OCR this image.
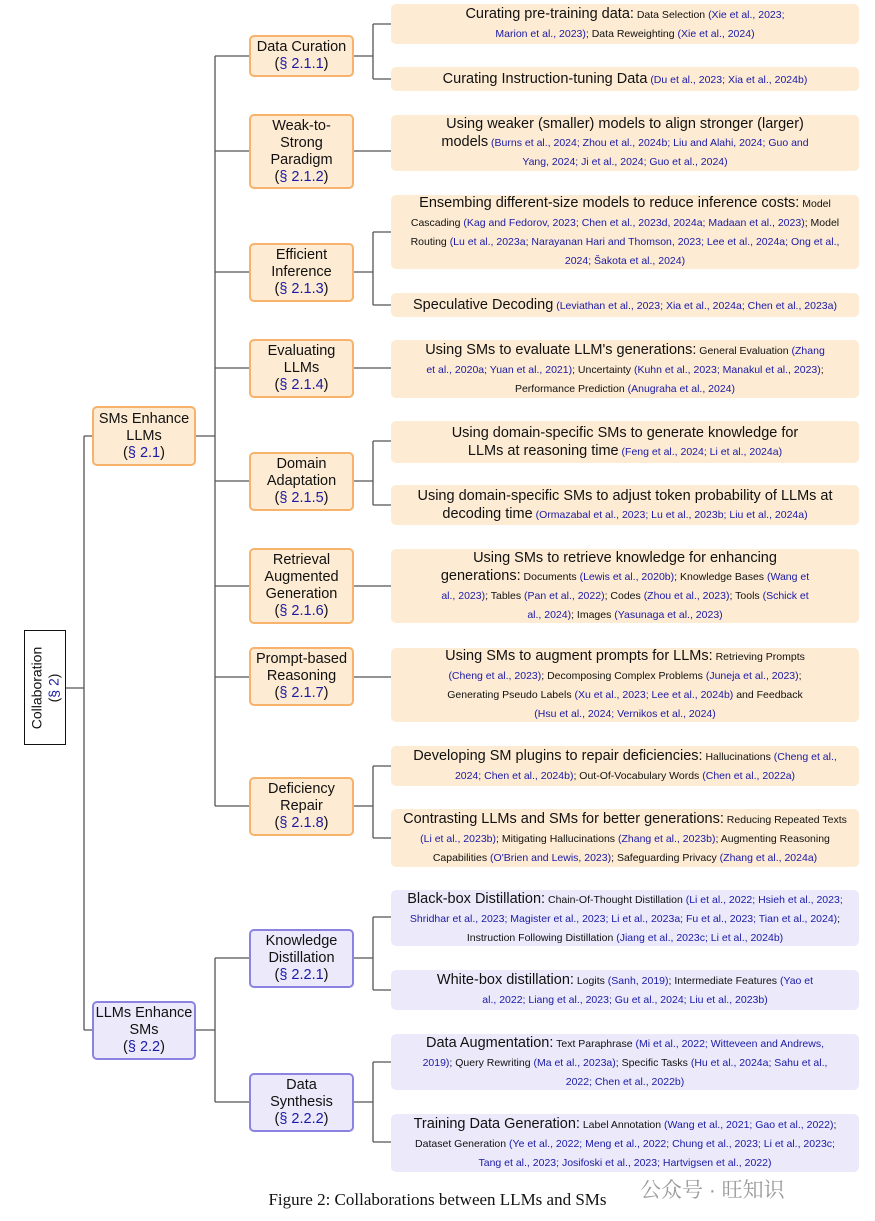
Collaboration
(§ 2)
SMs Enhance LLMs
(§ 2.1)
LLMs Enhance SMs
(§ 2.2)
Data Curation
(§ 2.1.1)
Weak-to-Strong Paradigm
(§ 2.1.2)
Efficient Inference
(§ 2.1.3)
Evaluating LLMs
(§ 2.1.4)
Domain Adaptation
(§ 2.1.5)
Retrieval Augmented Generation
(§ 2.1.6)
Prompt-based Reasoning
(§ 2.1.7)
Deficiency Repair
(§ 2.1.8)
Knowledge Distillation
(§ 2.2.1)
Data Synthesis
(§ 2.2.2)
Curating pre-training data: Data Selection (Xie et al., 2023; Marion et al., 2023); Data Reweighting (Xie et al., 2024)
Curating Instruction-tuning Data (Du et al., 2023; Xia et al., 2024b)
Using weaker (smaller) models to align stronger (larger) models (Burns et al., 2024; Zhou et al., 2024b; Liu and Alahi, 2024; Guo and Yang, 2024; Ji et al., 2024; Guo et al., 2024)
Ensembing different-size models to reduce inference costs: Model Cascading (Kag and Fedorov, 2023; Chen et al., 2023d, 2024a; Madaan et al., 2023); Model Routing (Lu et al., 2023a; Narayanan Hari and Thomson, 2023; Lee et al., 2024a; Ong et al., 2024; Šakota et al., 2024)
Speculative Decoding (Leviathan et al., 2023; Xia et al., 2024a; Chen et al., 2023a)
Using SMs to evaluate LLM's generations: General Evaluation (Zhang et al., 2020a; Yuan et al., 2021); Uncertainty (Kuhn et al., 2023; Manakul et al., 2023); Performance Prediction (Anugraha et al., 2024)
Using domain-specific SMs to generate knowledge for LLMs at reasoning time (Feng et al., 2024; Li et al., 2024a)
Using domain-specific SMs to adjust token probability of LLMs at decoding time (Ormazabal et al., 2023; Lu et al., 2023b; Liu et al., 2024a)
Using SMs to retrieve knowledge for enhancing generations: Documents (Lewis et al., 2020b); Knowledge Bases (Wang et al., 2023); Tables (Pan et al., 2022); Codes (Zhou et al., 2023); Tools (Schick et al., 2024); Images (Yasunaga et al., 2023)
Using SMs to augment prompts for LLMs: Retrieving Prompts (Cheng et al., 2023); Decomposing Complex Problems (Juneja et al., 2023); Generating Pseudo Labels (Xu et al., 2023; Lee et al., 2024b) and Feedback (Hsu et al., 2024; Vernikos et al., 2024)
Developing SM plugins to repair deficiencies: Hallucinations (Cheng et al., 2024; Chen et al., 2024b); Out-Of-Vocabulary Words (Chen et al., 2022a)
Contrasting LLMs and SMs for better generations: Reducing Repeated Texts (Li et al., 2023b); Mitigating Hallucinations (Zhang et al., 2023b); Augmenting Reasoning Capabilities (O'Brien and Lewis, 2023); Safeguarding Privacy (Zhang et al., 2024a)
Black-box Distillation: Chain-Of-Thought Distillation (Li et al., 2022; Hsieh et al., 2023; Shridhar et al., 2023; Magister et al., 2023; Li et al., 2023a; Fu et al., 2023; Tian et al., 2024); Instruction Following Distillation (Jiang et al., 2023c; Li et al., 2024b)
White-box distillation: Logits (Sanh, 2019); Intermediate Features (Yao et al., 2022; Liang et al., 2023; Gu et al., 2024; Liu et al., 2023b)
Data Augmentation: Text Paraphrase (Mi et al., 2022; Witteveen and Andrews, 2019); Query Rewriting (Ma et al., 2023a); Specific Tasks (Hu et al., 2024a; Sahu et al., 2022; Chen et al., 2022b)
Training Data Generation: Label Annotation (Wang et al., 2021; Gao et al., 2022); Dataset Generation (Ye et al., 2022; Meng et al., 2022; Chung et al., 2023; Li et al., 2023c; Tang et al., 2023; Josifoski et al., 2023; Hartvigsen et al., 2022)
Figure 2: Collaborations between LLMs and SMs	公众号 · 旺知识
